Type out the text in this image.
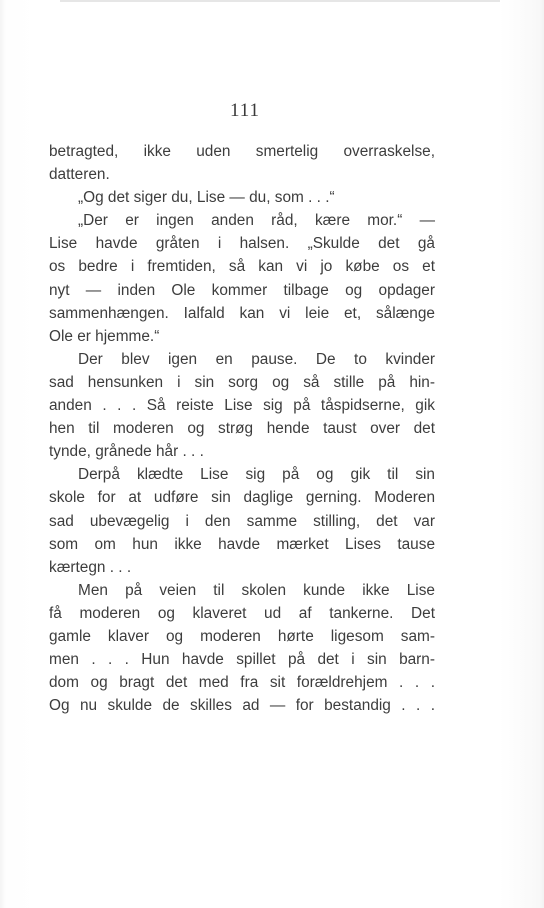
111
betragted, ikke uden smertelig overraskelse,
datteren.
„Og det siger du, Lise — du, som . . .“
„Der er ingen anden råd, kære mor.“ —
Lise havde gråten i halsen. „Skulde det gå
os bedre i fremtiden, så kan vi jo købe os et
nyt — inden Ole kommer tilbage og opdager
sammenhængen. Ialfald kan vi leie et, sålænge
Ole er hjemme.“
Der blev igen en pause. De to kvinder
sad hensunken i sin sorg og så stille på hin-
anden . . . Så reiste Lise sig på tåspidserne, gik
hen til moderen og strøg hende taust over det
tynde, grånede hår . . .
Derpå klædte Lise sig på og gik til sin
skole for at udføre sin daglige gerning. Moderen
sad ubevægelig i den samme stilling, det var
som om hun ikke havde mærket Lises tause
kærtegn . . .
Men på veien til skolen kunde ikke Lise
få moderen og klaveret ud af tankerne. Det
gamle klaver og moderen hørte ligesom sam-
men . . . Hun havde spillet på det i sin barn-
dom og bragt det med fra sit forældrehjem . . .
Og nu skulde de skilles ad — for bestandig . . .
